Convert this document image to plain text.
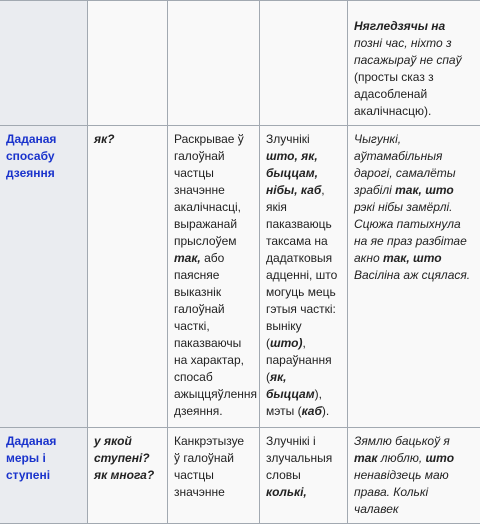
				Нягледзячы на позні час, ніхто з пасажыраў не спаў (просты сказ з адасобленай акалічнасцю).
Даданая спосабу дзеяння	як?	Раскрывае ў галоўнай частцы значэнне акалічнасці, выражанай прыслоўем так, або паясняе выказнік галоўнай часткі, паказваючы на характар, спосаб ажыццяўлення дзеяння.	Злучнікі што, як, быццам, нібы, каб, якія паказваюць таксама на дадатковыя адценні, што могуць мець гэтыя часткі: выніку (што), параўнання (як, быццам), мэты (каб).	Чыгункі, аўтамабільныя дарогі, самалёты зрабілі так, што рэкі нібы замёрлі. Сцюжа патыхнула на яе праз разбітае акно так, што Васіліна аж сцялася.
Даданая меры і ступені	у якой ступені? як многа?	Канкрэтызуе ў галоўнай частцы значэнне	Злучнікі і злучальныя словы колькі,	Зямлю бацькоў я так люблю, што ненавідзець маю права. Колькі чалавек
